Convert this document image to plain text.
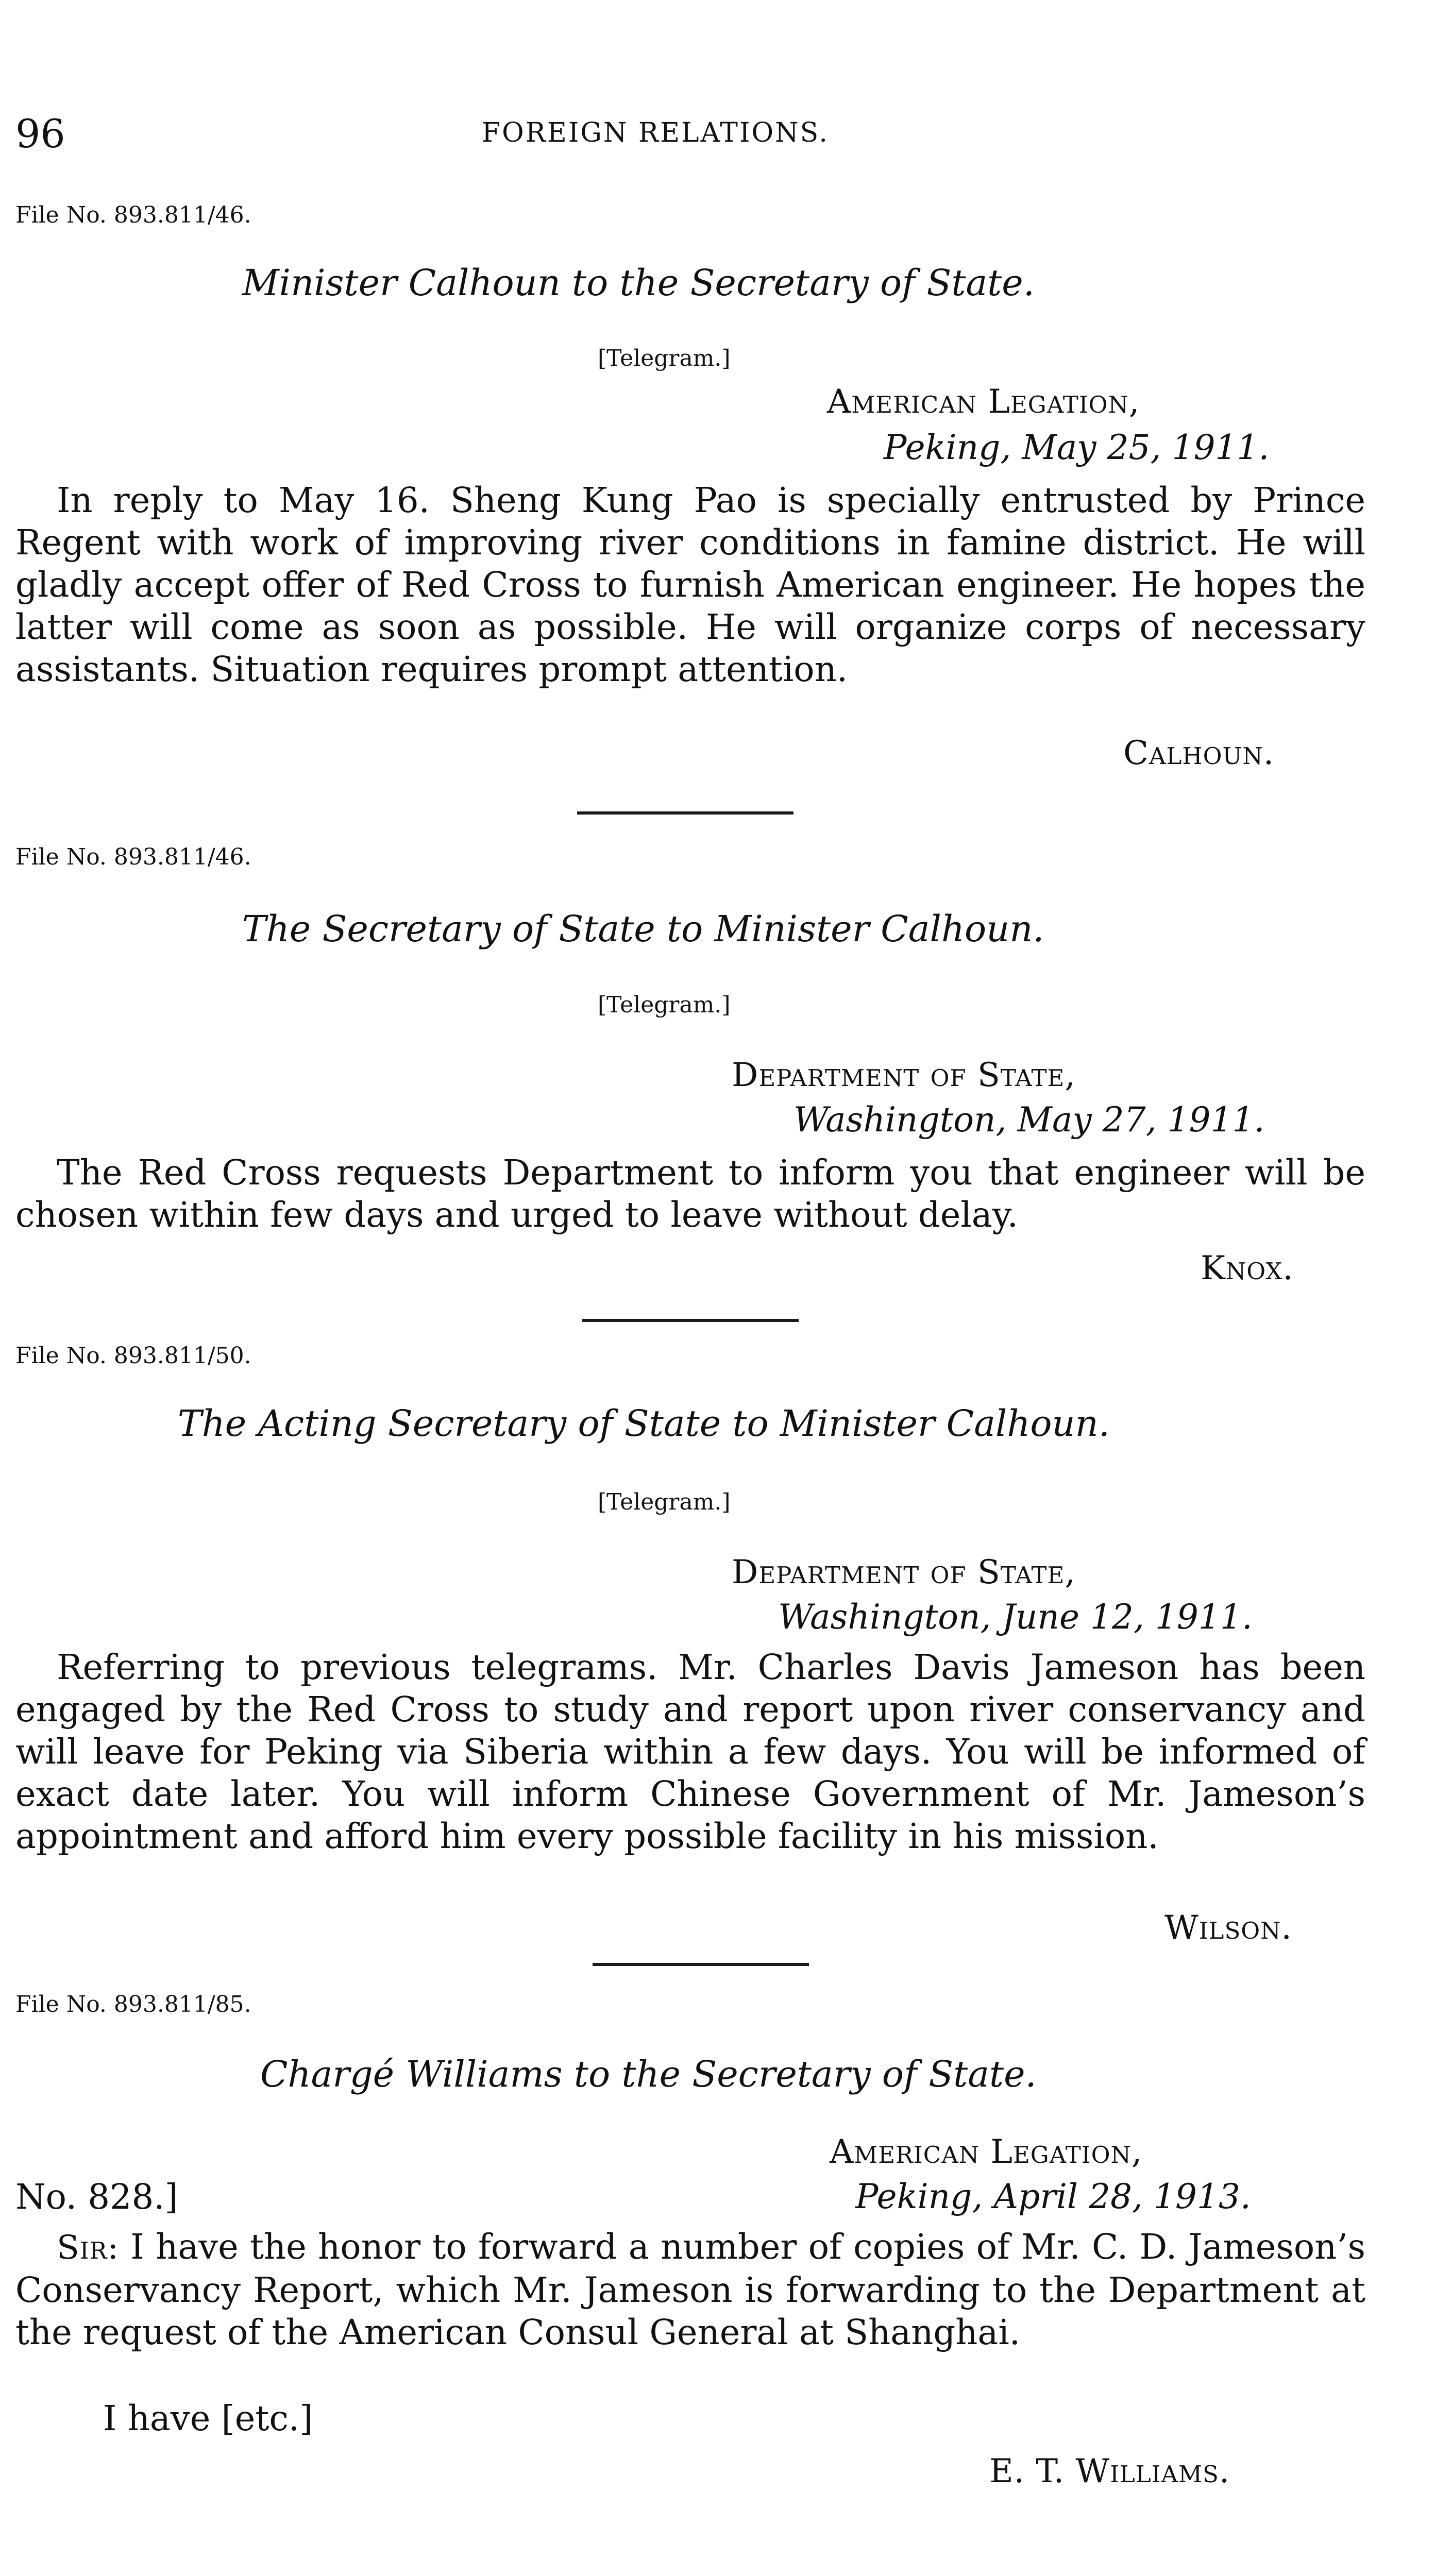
96	FOREIGN RELATIONS.
File No. 893.811/46.
Minister Calhoun to the Secretary of State.
[Telegram.]
American Legation,
Peking, May 25, 1911.
In reply to May 16. Sheng Kung Pao is specially entrusted by Prince Regent with work of improving river conditions in famine district. He will gladly accept offer of Red Cross to furnish American engineer. He hopes the latter will come as soon as possible. He will organize corps of necessary assistants. Situation requires prompt attention.
Calhoun.
File No. 893.811/46.
The Secretary of State to Minister Calhoun.
[Telegram.]
Department of State,
Washington, May 27, 1911.
The Red Cross requests Department to inform you that engineer will be chosen within few days and urged to leave without delay.
Knox.
File No. 893.811/50.
The Acting Secretary of State to Minister Calhoun.
[Telegram.]
Department of State,
Washington, June 12, 1911.
Referring to previous telegrams. Mr. Charles Davis Jameson has been engaged by the Red Cross to study and report upon river conservancy and will leave for Peking via Siberia within a few days. You will be informed of exact date later. You will inform Chinese Government of Mr. Jameson’s appointment and afford him every possible facility in his mission.
Wilson.
File No. 893.811/85.
Chargé Williams to the Secretary of State.
American Legation,
No. 828.]	Peking, April 28, 1913.
Sir: I have the honor to forward a number of copies of Mr. C. D. Jameson’s Conservancy Report, which Mr. Jameson is forwarding to the Department at the request of the American Consul General at Shanghai.
I have [etc.]
E. T. Williams.
